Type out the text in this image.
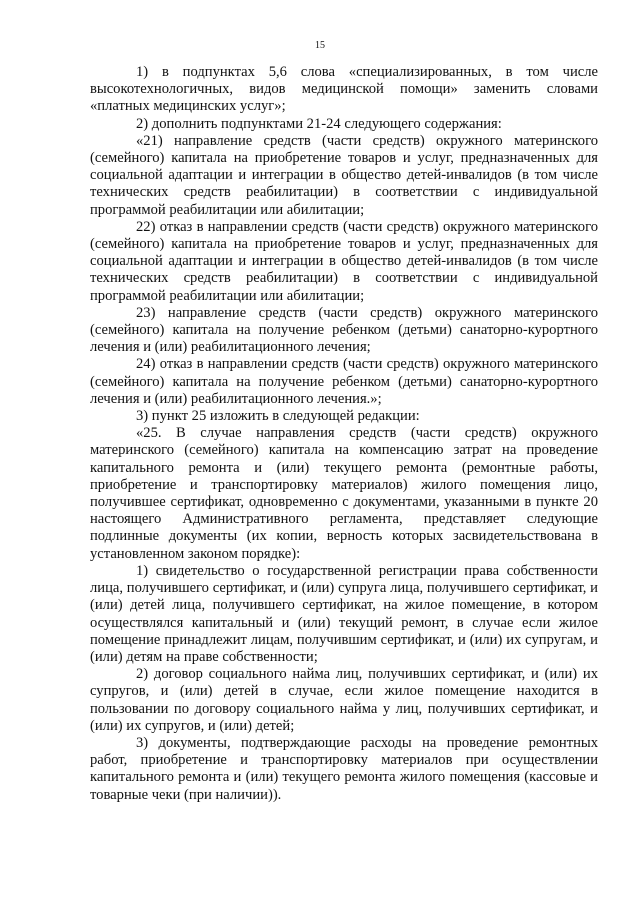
15

1) в подпунктах 5,6 слова «специализированных, в том числе высокотехнологичных, видов медицинской помощи» заменить словами «платных медицинских услуг»;

2) дополнить подпунктами 21-24 следующего содержания:

«21) направление средств (части средств) окружного материнского (семейного) капитала на приобретение товаров и услуг, предназначенных для социальной адаптации и интеграции в общество детей-инвалидов (в том числе технических средств реабилитации) в соответствии с индивидуальной программой реабилитации или абилитации;

22) отказ в направлении средств (части средств) окружного материнского (семейного) капитала на приобретение товаров и услуг, предназначенных для социальной адаптации и интеграции в общество детей-инвалидов (в том числе технических средств реабилитации) в соответствии с индивидуальной программой реабилитации или абилитации;

23) направление средств (части средств) окружного материнского (семейного) капитала на получение ребенком (детьми) санаторно-курортного лечения и (или) реабилитационного лечения;

24) отказ в направлении средств (части средств) окружного материнского (семейного) капитала на получение ребенком (детьми) санаторно-курортного лечения и (или) реабилитационного лечения.»;

3) пункт 25 изложить в следующей редакции:

«25. В случае направления средств (части средств) окружного материнского (семейного) капитала на компенсацию затрат на проведение капитального ремонта и (или) текущего ремонта (ремонтные работы, приобретение и транспортировку материалов) жилого помещения лицо, получившее сертификат, одновременно с документами, указанными в пункте 20 настоящего Административного регламента, представляет следующие подлинные документы (их копии, верность которых засвидетельствована в установленном законом порядке):

1) свидетельство о государственной регистрации права собственности лица, получившего сертификат, и (или) супруга лица, получившего сертификат, и (или) детей лица, получившего сертификат, на жилое помещение, в котором осуществлялся капитальный и (или) текущий ремонт, в случае если жилое помещение принадлежит лицам, получившим сертификат, и (или) их супругам, и (или) детям на праве собственности;

2) договор социального найма лиц, получивших сертификат, и (или) их супругов, и (или) детей в случае, если жилое помещение находится в пользовании по договору социального найма у лиц, получивших сертификат, и (или) их супругов, и (или) детей;

3) документы, подтверждающие расходы на проведение ремонтных работ, приобретение и транспортировку материалов при осуществлении капитального ремонта и (или) текущего ремонта жилого помещения (кассовые и товарные чеки (при наличии)).
